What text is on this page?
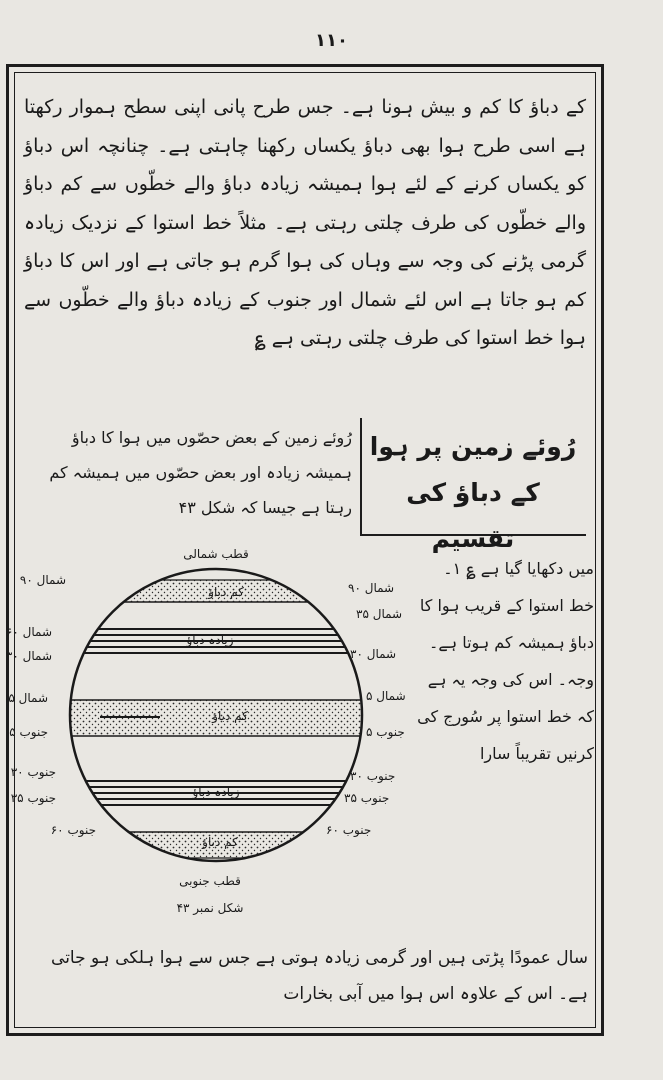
۱۱۰
کے دباؤ کا کم و بیش ہونا ہے۔ جس طرح پانی اپنی سطح ہموار رکھتا ہے اسی طرح ہوا بھی دباؤ یکساں رکھنا چاہتی ہے۔ چنانچہ اس دباؤ کو یکساں کرنے کے لئے ہوا ہمیشہ زیادہ دباؤ والے خطّوں سے کم دباؤ والے خطّوں کی طرف چلتی رہتی ہے۔ مثلاً خط استوا کے نزدیک زیادہ گرمی پڑنے کی وجہ سے وہاں کی ہوا گرم ہو جاتی ہے اور اس کا دباؤ کم ہو جاتا ہے اس لئے شمال اور جنوب کے زیادہ دباؤ والے خطّوں سے ہوا خط استوا کی طرف چلتی رہتی ہے ؏
رُوئے زمین پر ہوا
کے دباؤ کی تقسیم
رُوئے زمین کے بعض حصّوں میں ہوا کا دباؤ ہمیشہ زیادہ اور بعض حصّوں میں ہمیشہ کم رہتا ہے جیسا کہ شکل ۴۳
میں دکھایا گیا ہے ؏ ۱۔ خط استوا کے قریب ہوا کا دباؤ ہمیشہ کم ہوتا ہے۔ وجہ۔ اس کی وجہ یہ ہے کہ خط استوا پر سُورج کی کرنیں تقریباً سارا
قطب شمالی
کم دباؤ
زیادہ دباؤ
کم دباؤ
زیادہ دباؤ
کم دباؤ
۹۰ شمال
۶۰ شمال
۳۰ شمال
۵ شمال
۵ جنوب
۳۰ جنوب
۳۵ جنوب
۶۰ جنوب
۹۰ شمال
۳۵ شمال
۳۰ شمال
۵ شمال
۵ جنوب
۳۰ جنوب
۳۵ جنوب
۶۰ جنوب
قطب جنوبی
شکل نمبر ۴۳
سال عمودًا پڑتی ہیں اور گرمی زیادہ ہوتی ہے جس سے ہوا ہلکی ہو جاتی ہے۔ اس کے علاوہ اس ہوا میں آبی بخارات
